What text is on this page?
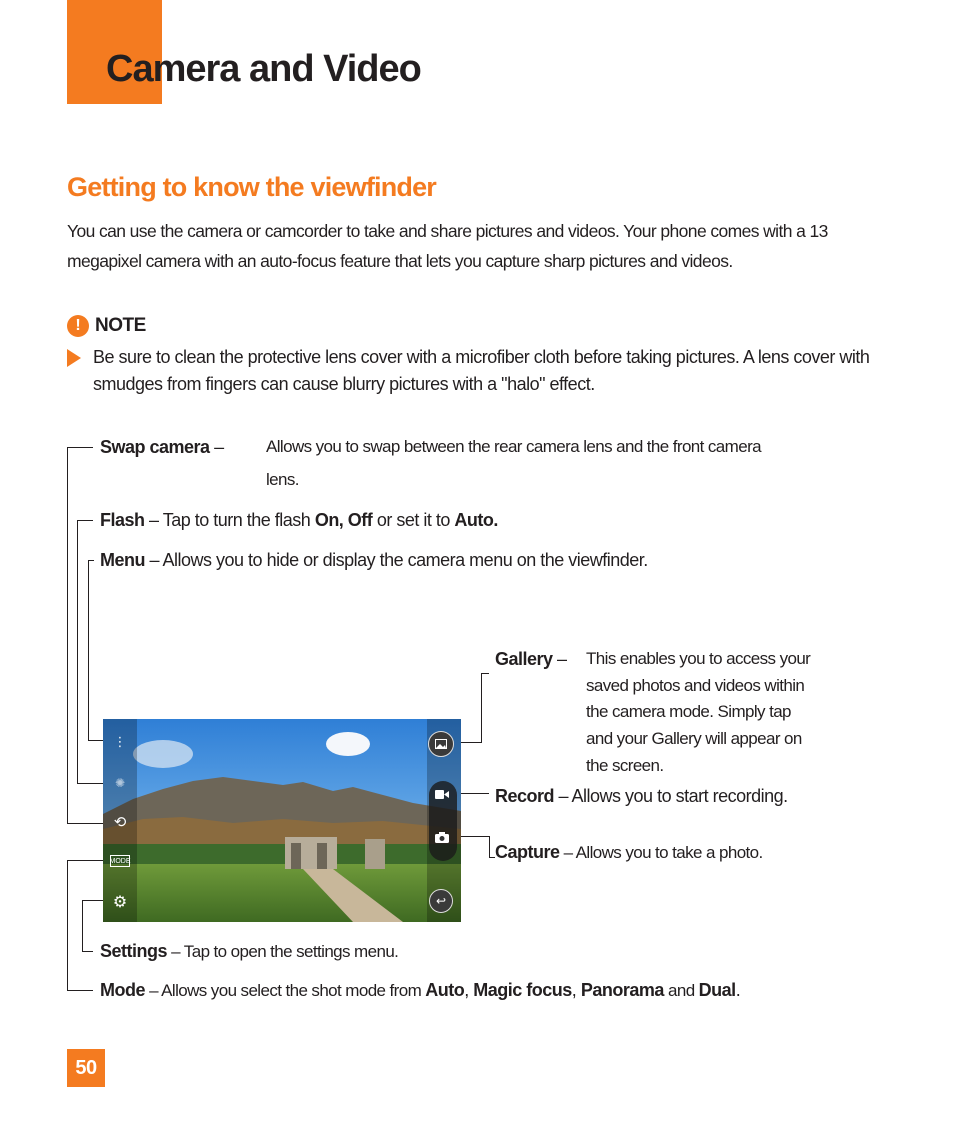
Camera and Video
Getting to know the viewfinder
You can use the camera or camcorder to take and share pictures and videos. Your phone comes with a 13 megapixel camera with an auto-focus feature that lets you capture sharp pictures and videos.
! NOTE
Be sure to clean the protective lens cover with a microfiber cloth before taking pictures. A lens cover with smudges from fingers can cause blurry pictures with a "halo" effect.
Swap camera – Allows you to swap between the rear camera lens and the front camera
lens.
Flash – Tap to turn the flash On, Off or set it to Auto.
Menu – Allows you to hide or display the camera menu on the viewfinder.
Gallery – This enables you to access your
saved photos and videos within
the camera mode. Simply tap
and your Gallery will appear on
the screen.
Record – Allows you to start recording.
Capture – Allows you to take a photo.
Settings – Tap to open the settings menu.
Mode – Allows you select the shot mode from Auto, Magic focus, Panorama and Dual.
⋮
✺
⟲
MODE
⚙	↩
50
